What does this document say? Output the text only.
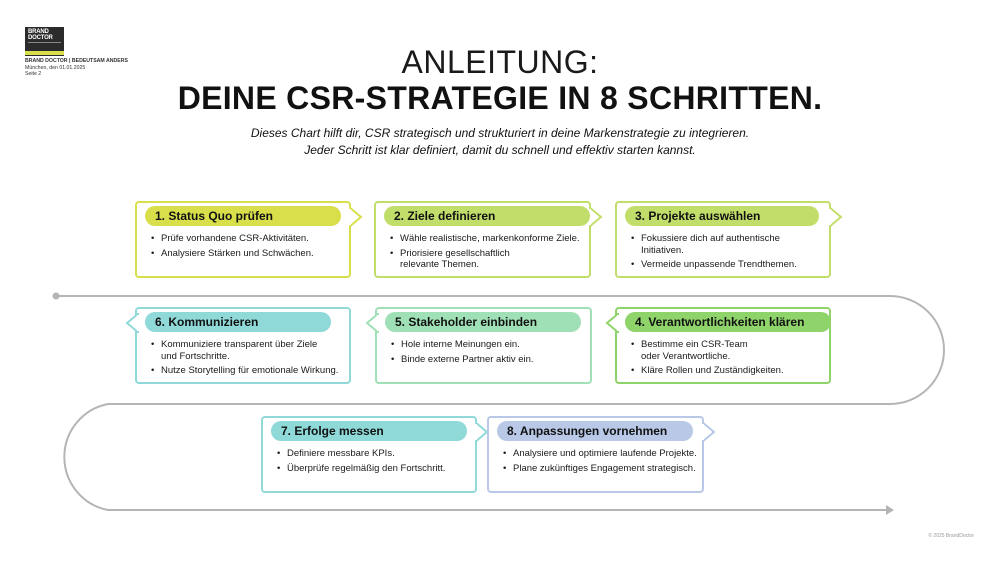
BRAND
DOCTOR
BRAND DOCTOR | BEDEUTSAM ANDERS
München, den 01.01.2025
Seite 2	ANLEITUNG:
DEINE CSR-STRATEGIE IN 8 SCHRITTEN.
Dieses Chart hilft dir, CSR strategisch und strukturiert in deine Markenstrategie zu integrieren.
Jeder Schritt ist klar definiert, damit du schnell und effektiv starten kannst.
1. Status Quo prüfen
• Prüfe vorhandene CSR-Aktivitäten.
• Analysiere Stärken und Schwächen.
2. Ziele definieren
• Wähle realistische, markenkonforme Ziele.
• Priorisiere gesellschaftlich
relevante Themen.
3. Projekte auswählen
• Fokussiere dich auf authentische Initiativen.
• Vermeide unpassende Trendthemen.
4. Verantwortlichkeiten klären
• Bestimme ein CSR-Team
oder Verantwortliche.
• Kläre Rollen und Zuständigkeiten.
5. Stakeholder einbinden
• Hole interne Meinungen ein.
• Binde externe Partner aktiv ein.
6. Kommunizieren
• Kommuniziere transparent über Ziele
und Fortschritte.
• Nutze Storytelling für emotionale Wirkung.
7. Erfolge messen
• Definiere messbare KPIs.
• Überprüfe regelmäßig den Fortschritt.
8. Anpassungen vornehmen
• Analysiere und optimiere laufende Projekte.
• Plane zukünftiges Engagement strategisch.
© 2025 BrandDoctor
